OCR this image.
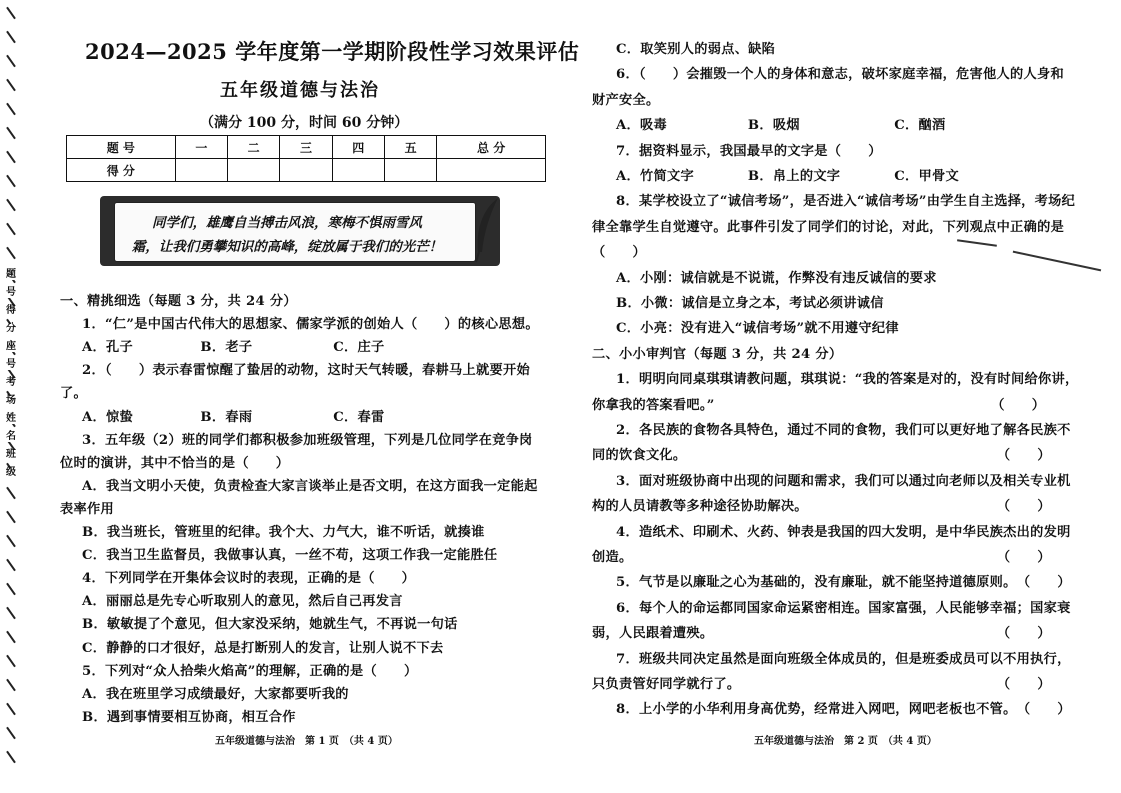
题
号
得
分
座
号
考
场
姓
名
班
级
2024—2025 学年度第一学期阶段性学习效果评估
五年级道德与法治
（满分 100 分，时间 60 分钟）
题 号	一	二	三	四	五	总 分
得 分						
同学们，雄鹰自当搏击风浪，寒梅不惧雨雪风
霜，让我们勇攀知识的高峰，绽放属于我们的光芒！
一、精挑细选（每题 3 分，共 24 分）
1．“仁”是中国古代伟大的思想家、儒家学派的创始人（　　）的核心思想。
A．孔子　　　　　B．老子　　　　　　C．庄子
2．（　　）表示春雷惊醒了蛰居的动物，这时天气转暖，春耕马上就要开始
了。
A．惊蛰　　　　　B．春雨　　　　　　C．春雷
3．五年级（2）班的同学们都积极参加班级管理，下列是几位同学在竞争岗
位时的演讲，其中不恰当的是（　　）
A．我当文明小天使，负责检查大家言谈举止是否文明，在这方面我一定能起
表率作用
B．我当班长，管班里的纪律。我个大、力气大，谁不听话，就揍谁
C．我当卫生监督员，我做事认真，一丝不苟，这项工作我一定能胜任
4．下列同学在开集体会议时的表现，正确的是（　　）
A．丽丽总是先专心听取别人的意见，然后自己再发言
B．敏敏提了个意见，但大家没采纳，她就生气，不再说一句话
C．静静的口才很好，总是打断别人的发言，让别人说不下去
5．下列对“众人拾柴火焰高”的理解，正确的是（　　）
A．我在班里学习成绩最好，大家都要听我的
B．遇到事情要相互协商，相互合作
五年级道德与法治　第 1 页　（共 4 页）
C．取笑别人的弱点、缺陷
6．（　　）会摧毁一个人的身体和意志，破坏家庭幸福，危害他人的人身和
财产安全。
A．吸毒　　　　　　B．吸烟　　　　　　　C．酗酒
7．据资料显示，我国最早的文字是（　　）
A．竹简文字　　　　B．帛上的文字　　　　C．甲骨文
8．某学校设立了“诚信考场”，是否进入“诚信考场”由学生自主选择，考场纪
律全靠学生自觉遵守。此事件引发了同学们的讨论，对此，下列观点中正确的是
（　　）
A．小刚：诚信就是不说谎，作弊没有违反诚信的要求
B．小微：诚信是立身之本，考试必须讲诚信
C．小亮：没有进入“诚信考场”就不用遵守纪律
二、小小审判官（每题 3 分，共 24 分）
1．明明向同桌琪琪请教问题，琪琪说：“我的答案是对的，没有时间给你讲，
你拿我的答案看吧。”　　　　　　　　　　　　　　　　　　　　　（　　）
2．各民族的食物各具特色，通过不同的食物，我们可以更好地了解各民族不
同的饮食文化。　　　　　　　　　　　　　　　　　　　　　　　　（　　）
3．面对班级协商中出现的问题和需求，我们可以通过向老师以及相关专业机
构的人员请教等多种途径协助解决。　　　　　　　　　　　　　　　（　　）
4．造纸术、印刷术、火药、钟表是我国的四大发明，是中华民族杰出的发明
创造。　　　　　　　　　　　　　　　　　　　　　　　　　　　　（　　）
5．气节是以廉耻之心为基础的，没有廉耻，就不能坚持道德原则。　（　　）
6．每个人的命运都同国家命运紧密相连。国家富强，人民能够幸福；国家衰
弱，人民跟着遭殃。　　　　　　　　　　　　　　　　　　　　　　（　　）
7．班级共同决定虽然是面向班级全体成员的，但是班委成员可以不用执行，
只负责管好同学就行了。　　　　　　　　　　　　　　　　　　　　（　　）
8．上小学的小华利用身高优势，经常进入网吧，网吧老板也不管。　（　　）
五年级道德与法治　第 2 页　（共 4 页）
